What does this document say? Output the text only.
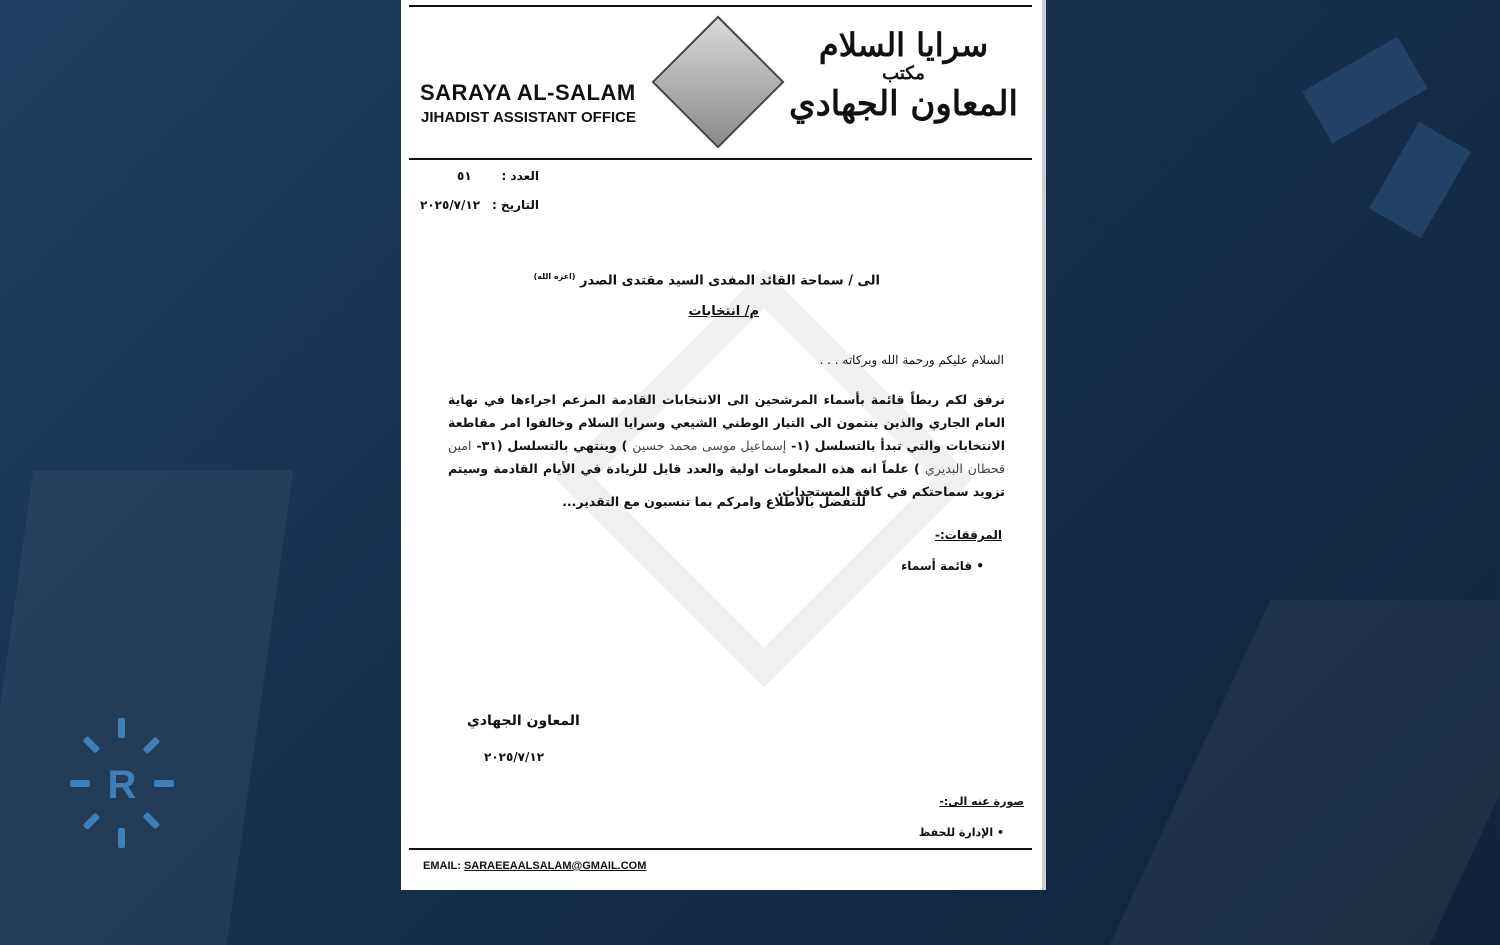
R
SARAYA AL-SALAM
JIHADIST ASSISTANT OFFICE
سرايا السلام
مكتب
المعاون الجهادي
العدد :
٥١
التاريخ :
٢٠٢٥/٧/١٢
الى / سماحة القائد المفدى السيد مقتدى الصدر $^{(اعزه الله)}$
م/ انتخابات
السلام عليكم ورحمة الله وبركاته . . .
نرفق لكم ربطاً قائمة بأسماء المرشحين الى الانتخابات القادمة المزعم اجراءها في نهاية العام الجاري والذين ينتمون الى التيار الوطني الشيعي وسرايا السلام وخالفوا امر مقاطعة الانتخابات والتي تبدأ بالتسلسل (١- إسماعيل موسى محمد حسين ) وينتهي بالتسلسل (٣١- امين قحطان البديري ) علماً انه هذه المعلومات اولية والعدد قابل للزيادة في الأيام القادمة وسيتم تزويد سماحتكم في كافة المستجدات.
للتفضل بالاطلاع وامركم بما تنسبون مع التقدير...
المرفقات:-
• قائمة أسماء
المعاون الجهادي
٢٠٢٥/٧/١٢
صورة عنه الى:-
• الإدارة للحفظ
EMAIL: SARAEEAALSALAM@GMAIL.COM
